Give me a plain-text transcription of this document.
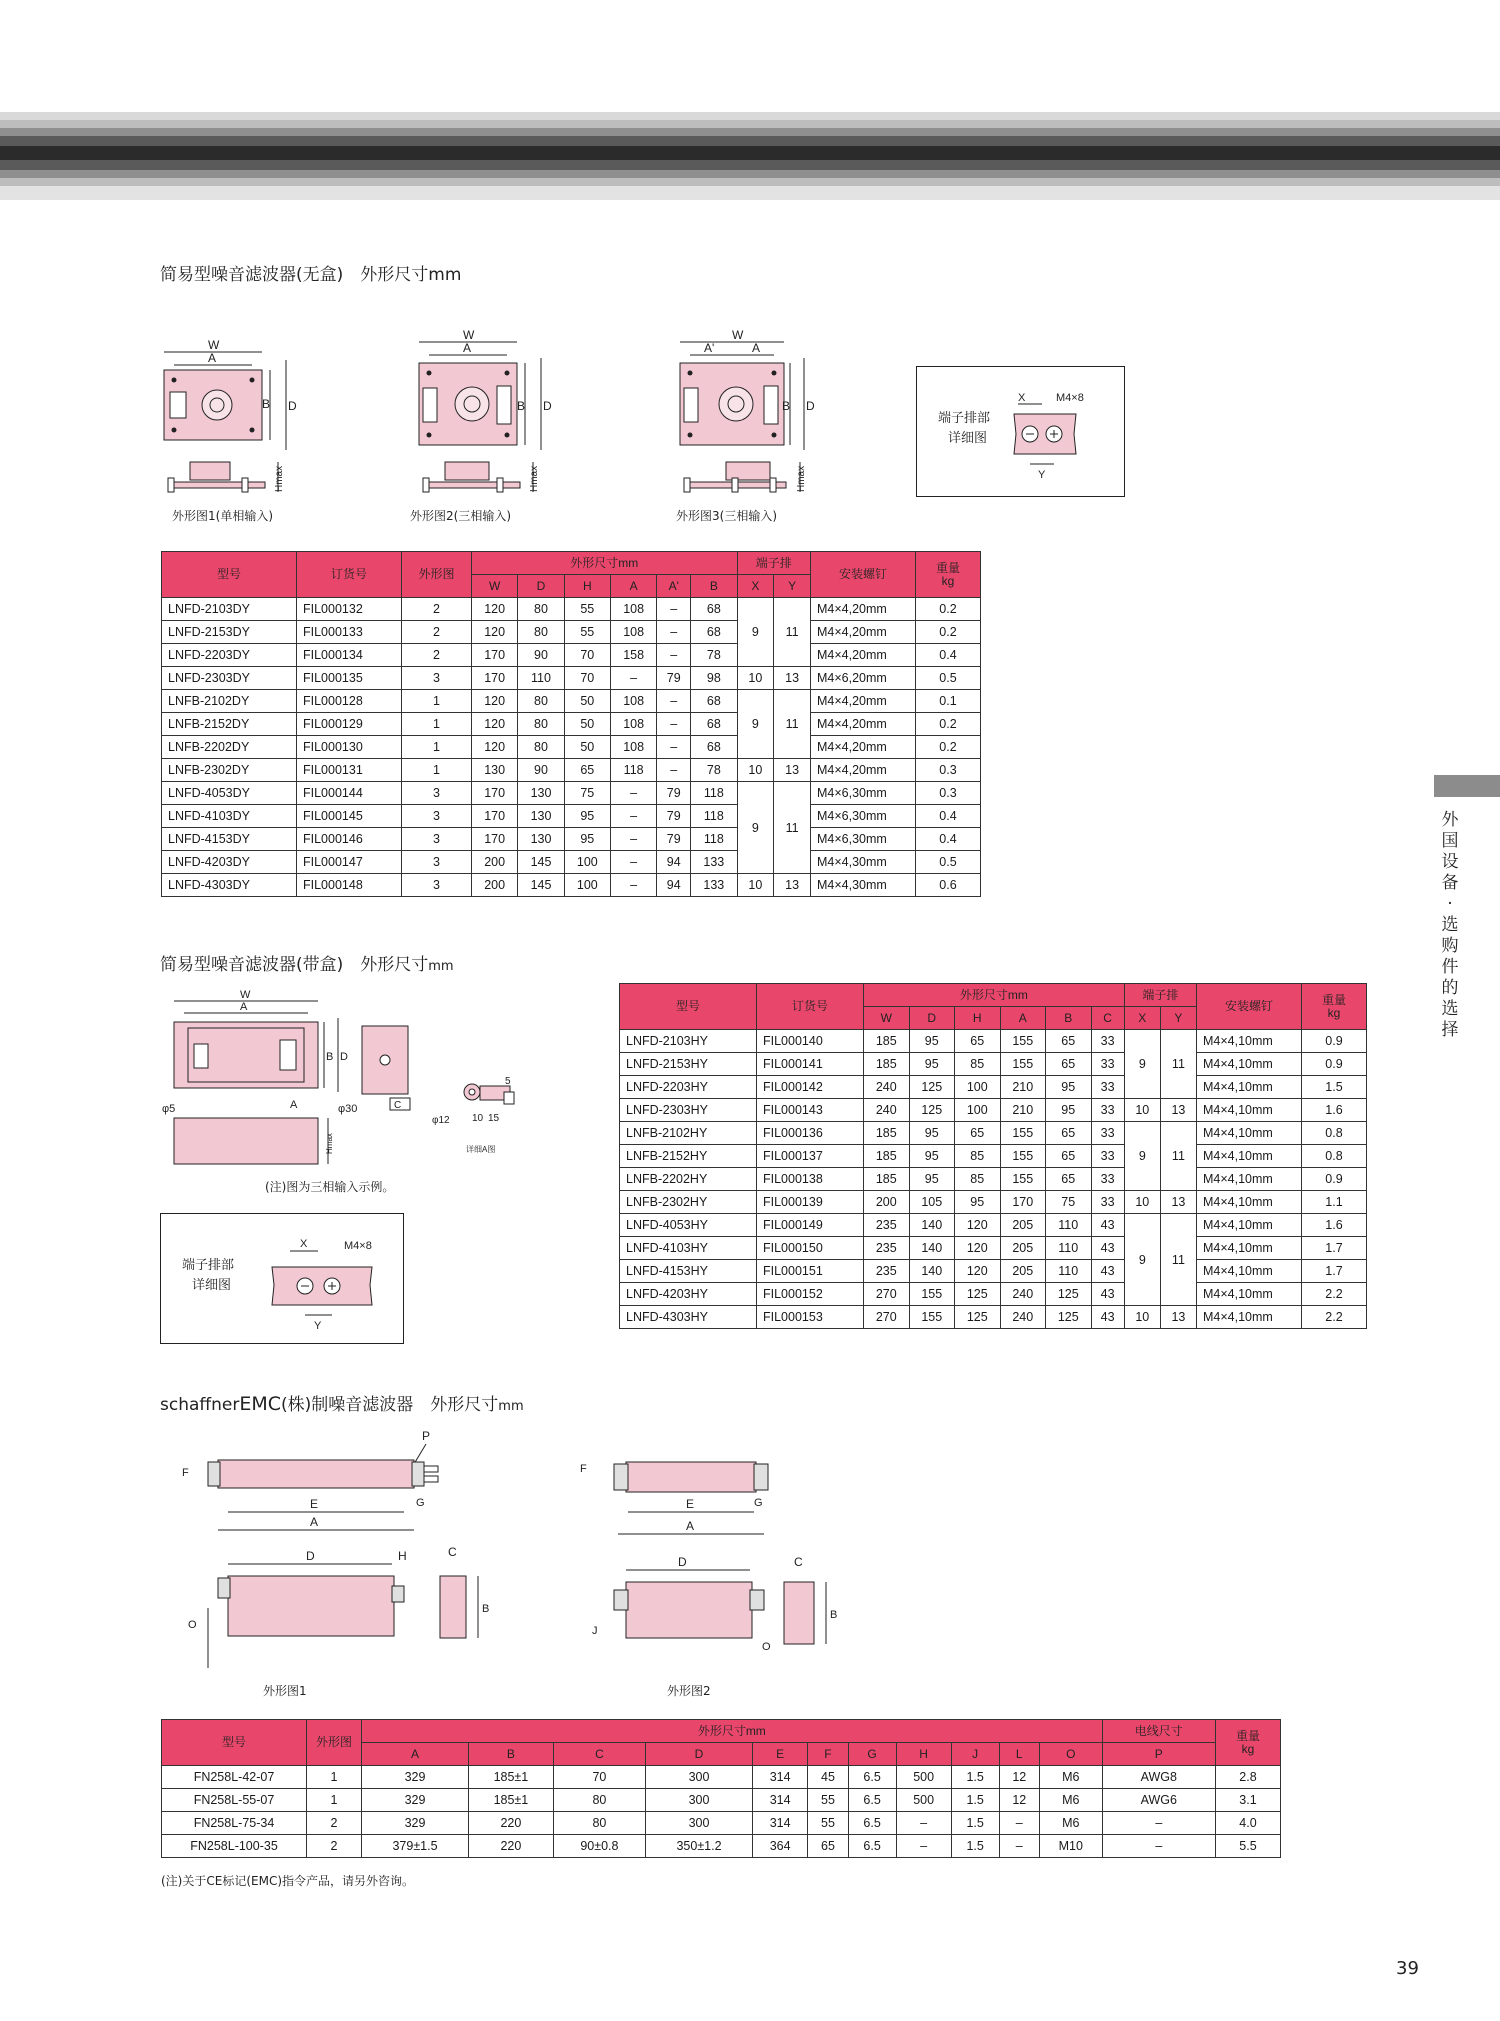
外
国
设
备
·
选
购
件
的
选
择
简易型噪音滤波器(无盒)　外形尺寸mm
W
A
B D
Hmax
外形图1(单相输入)
W
A
B D
Hmax
外形图2(三相输入)
W
A'	A
B D
Hmax
外形图3(三相输入)
端子排部
详细图
M4×8
X
Y
型号	订货号	外形图	外形尺寸mm						端子排		安装螺钉	重量
kg
			W	D	H	A	A'	B	X	Y		
LNFD-2103DY	FIL000132	2	120	80	55	108	–	68	9	11	M4×4,20mm	0.2
LNFD-2153DY	FIL000133	2	120	80	55	108	–	68			M4×4,20mm	0.2
LNFD-2203DY	FIL000134	2	170	90	70	158	–	78			M4×4,20mm	0.4
LNFD-2303DY	FIL000135	3	170	110	70	–	79	98	10	13	M4×6,20mm	0.5
LNFB-2102DY	FIL000128	1	120	80	50	108	–	68	9	11	M4×4,20mm	0.1
LNFB-2152DY	FIL000129	1	120	80	50	108	–	68			M4×4,20mm	0.2
LNFB-2202DY	FIL000130	1	120	80	50	108	–	68			M4×4,20mm	0.2
LNFB-2302DY	FIL000131	1	130	90	65	118	–	78	10	13	M4×4,20mm	0.3
LNFD-4053DY	FIL000144	3	170	130	75	–	79	118	9	11	M4×6,30mm	0.3
LNFD-4103DY	FIL000145	3	170	130	95	–	79	118			M4×6,30mm	0.4
LNFD-4153DY	FIL000146	3	170	130	95	–	79	118			M4×6,30mm	0.4
LNFD-4203DY	FIL000147	3	200	145	100	–	94	133			M4×4,30mm	0.5
LNFD-4303DY	FIL000148	3	200	145	100	–	94	133	10	13	M4×4,30mm	0.6
简易型噪音滤波器(带盒)　外形尺寸mm
W
A
B D
φ5	A	φ30	C
Hmax
φ12 10 15
5
详细A图
(注)图为三相输入示例。
端子排部
详细图
M4×8
X
Y
型号	订货号	外形尺寸mm						端子排		安装螺钉	重量
kg
		W	D	H	A	B	C	X	Y		
LNFD-2103HY	FIL000140	185	95	65	155	65	33	9	11	M4×4,10mm	0.9
LNFD-2153HY	FIL000141	185	95	85	155	65	33			M4×4,10mm	0.9
LNFD-2203HY	FIL000142	240	125	100	210	95	33			M4×4,10mm	1.5
LNFD-2303HY	FIL000143	240	125	100	210	95	33	10	13	M4×4,10mm	1.6
LNFB-2102HY	FIL000136	185	95	65	155	65	33	9	11	M4×4,10mm	0.8
LNFB-2152HY	FIL000137	185	95	85	155	65	33			M4×4,10mm	0.8
LNFB-2202HY	FIL000138	185	95	85	155	65	33			M4×4,10mm	0.9
LNFB-2302HY	FIL000139	200	105	95	170	75	33	10	13	M4×4,10mm	1.1
LNFD-4053HY	FIL000149	235	140	120	205	110	43	9	11	M4×4,10mm	1.6
LNFD-4103HY	FIL000150	235	140	120	205	110	43			M4×4,10mm	1.7
LNFD-4153HY	FIL000151	235	140	120	205	110	43			M4×4,10mm	1.7
LNFD-4203HY	FIL000152	270	155	125	240	125	43			M4×4,10mm	2.2
LNFD-4303HY	FIL000153	270	155	125	240	125	43	10	13	M4×4,10mm	2.2
schaffnerEMC(株)制噪音滤波器　外形尺寸mm
P
F
G
E
A
D	H
O
C
B
外形图1
F
G
E
A
D
J
O
C
B
外形图2
型号	外形图	外形尺寸mm											电线尺寸	重量
kg
		A	B	C	D	E	F	G	H	J	L	O	P	
FN258L-42-07	1	329	185±1	70	300	314	45	6.5	500	1.5	12	M6	AWG8	2.8
FN258L-55-07	1	329	185±1	80	300	314	55	6.5	500	1.5	12	M6	AWG6	3.1
FN258L-75-34	2	329	220	80	300	314	55	6.5	–	1.5	–	M6	–	4.0
FN258L-100-35	2	379±1.5	220	90±0.8	350±1.2	364	65	6.5	–	1.5	–	M10	–	5.5
(注)关于CE标记(EMC)指令产品，请另外咨询。
39
